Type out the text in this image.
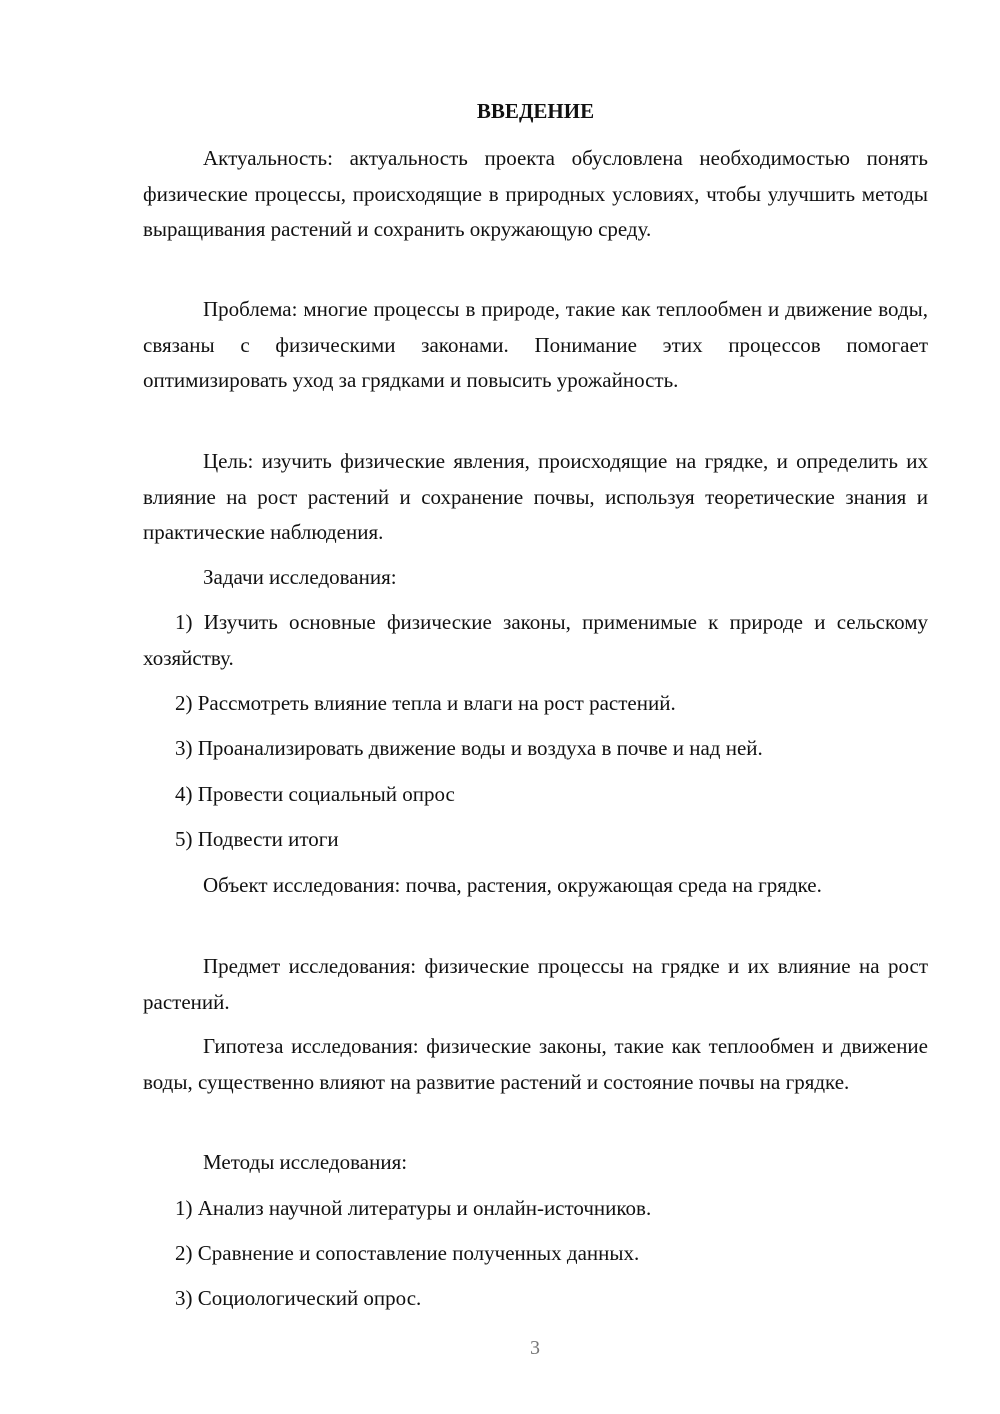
ВВЕДЕНИЕ

Актуальность: актуальность проекта обусловлена необходимостью понять физические процессы, происходящие в природных условиях, чтобы улучшить методы выращивания растений и сохранить окружающую среду.

Проблема: многие процессы в природе, такие как теплообмен и движение воды, связаны с физическими законами. Понимание этих процессов помогает оптимизировать уход за грядками и повысить урожайность.

Цель: изучить физические явления, происходящие на грядке, и определить их влияние на рост растений и сохранение почвы, используя теоретические знания и практические наблюдения.

Задачи исследования:

1) Изучить основные физические законы, применимые к природе и сельскому хозяйству.

2) Рассмотреть влияние тепла и влаги на рост растений.

3) Проанализировать движение воды и воздуха в почве и над ней.

4) Провести социальный опрос

5) Подвести итоги

Объект исследования: почва, растения, окружающая среда на грядке.

Предмет исследования: физические процессы на грядке и их влияние на рост растений.

Гипотеза исследования: физические законы, такие как теплообмен и движение воды, существенно влияют на развитие растений и состояние почвы на грядке.

Методы исследования:

1) Анализ научной литературы и онлайн-источников.

2) Сравнение и сопоставление полученных данных.

3) Социологический опрос.

3
